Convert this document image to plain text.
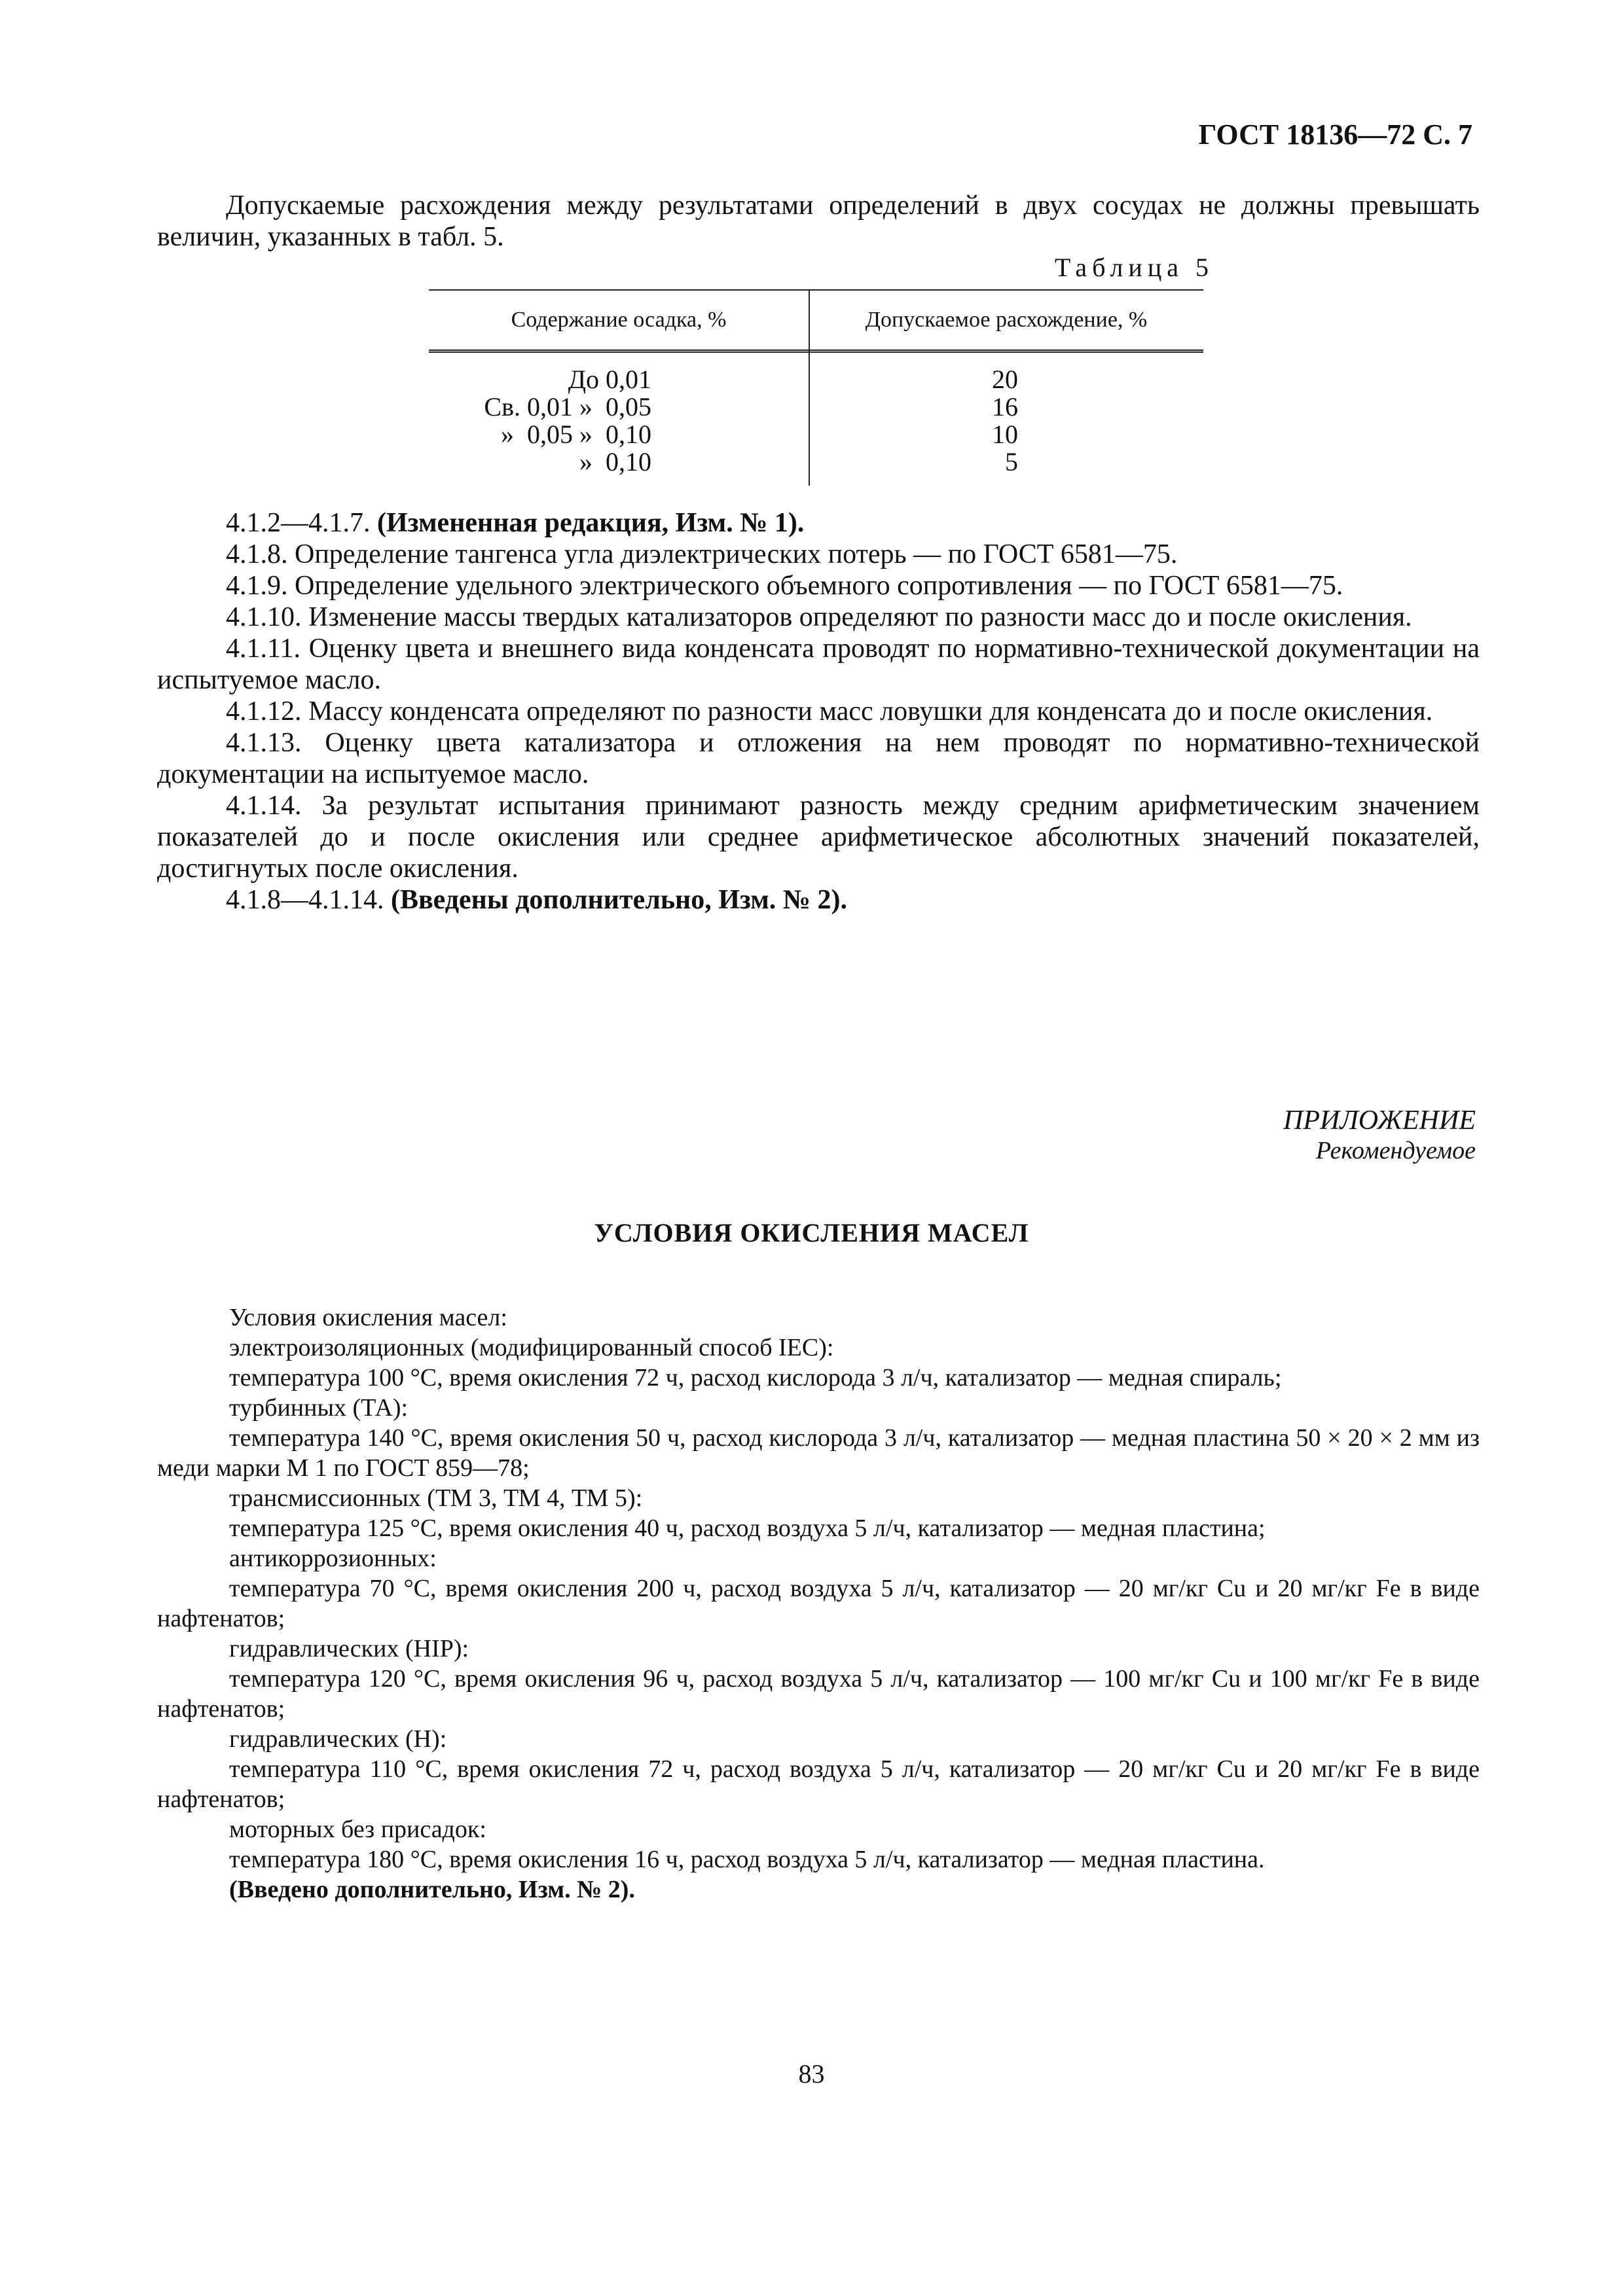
ГОСТ 18136—72 С. 7

Допускаемые расхождения между результатами определений в двух сосудах не должны превышать величин, указанных в табл. 5.

Таблица 5
Содержание осадка, %	Допускаемое расхождение, %
До 0,01	20
Св. 0,01 »  0,05	16
»  0,05 »  0,10	10
»  0,10	5

4.1.2—4.1.7. (Измененная редакция, Изм. № 1).

4.1.8. Определение тангенса угла диэлектрических потерь — по ГОСТ 6581—75.

4.1.9. Определение удельного электрического объемного сопротивления — по ГОСТ 6581—75.

4.1.10. Изменение массы твердых катализаторов определяют по разности масс до и после окисления.

4.1.11. Оценку цвета и внешнего вида конденсата проводят по нормативно-технической документации на испытуемое масло.

4.1.12. Массу конденсата определяют по разности масс ловушки для конденсата до и после окисления.

4.1.13. Оценку цвета катализатора и отложения на нем проводят по нормативно-технической документации на испытуемое масло.

4.1.14. За результат испытания принимают разность между средним арифметическим значением показателей до и после окисления или среднее арифметическое абсолютных значений показателей, достигнутых после окисления.

4.1.8—4.1.14. (Введены дополнительно, Изм. № 2).

ПРИЛОЖЕНИЕ
Рекомендуемое
УСЛОВИЯ ОКИСЛЕНИЯ МАСЕЛ

Условия окисления масел:

электроизоляционных (модифицированный способ IEC):

температура 100 °С, время окисления 72 ч, расход кислорода 3 л/ч, катализатор — медная спираль;

турбинных (ТА):

температура 140 °С, время окисления 50 ч, расход кислорода 3 л/ч, катализатор — медная пластина 50 × 20 × 2 мм из меди марки М 1 по ГОСТ 859—78;

трансмиссионных (ТМ 3, ТМ 4, ТМ 5):

температура 125 °С, время окисления 40 ч, расход воздуха 5 л/ч, катализатор — медная пластина;

антикоррозионных:

температура 70 °С, время окисления 200 ч, расход воздуха 5 л/ч, катализатор — 20 мг/кг Cu и 20 мг/кг Fe в виде нафтенатов;

гидравлических (НIР):

температура 120 °С, время окисления 96 ч, расход воздуха 5 л/ч, катализатор — 100 мг/кг Cu и 100 мг/кг Fe в виде нафтенатов;

гидравлических (Н):

температура 110 °С, время окисления 72 ч, расход воздуха 5 л/ч, катализатор — 20 мг/кг Cu и 20 мг/кг Fe в виде нафтенатов;

моторных без присадок:

температура 180 °С, время окисления 16 ч, расход воздуха 5 л/ч, катализатор — медная пластина.

(Введено дополнительно, Изм. № 2).

83
